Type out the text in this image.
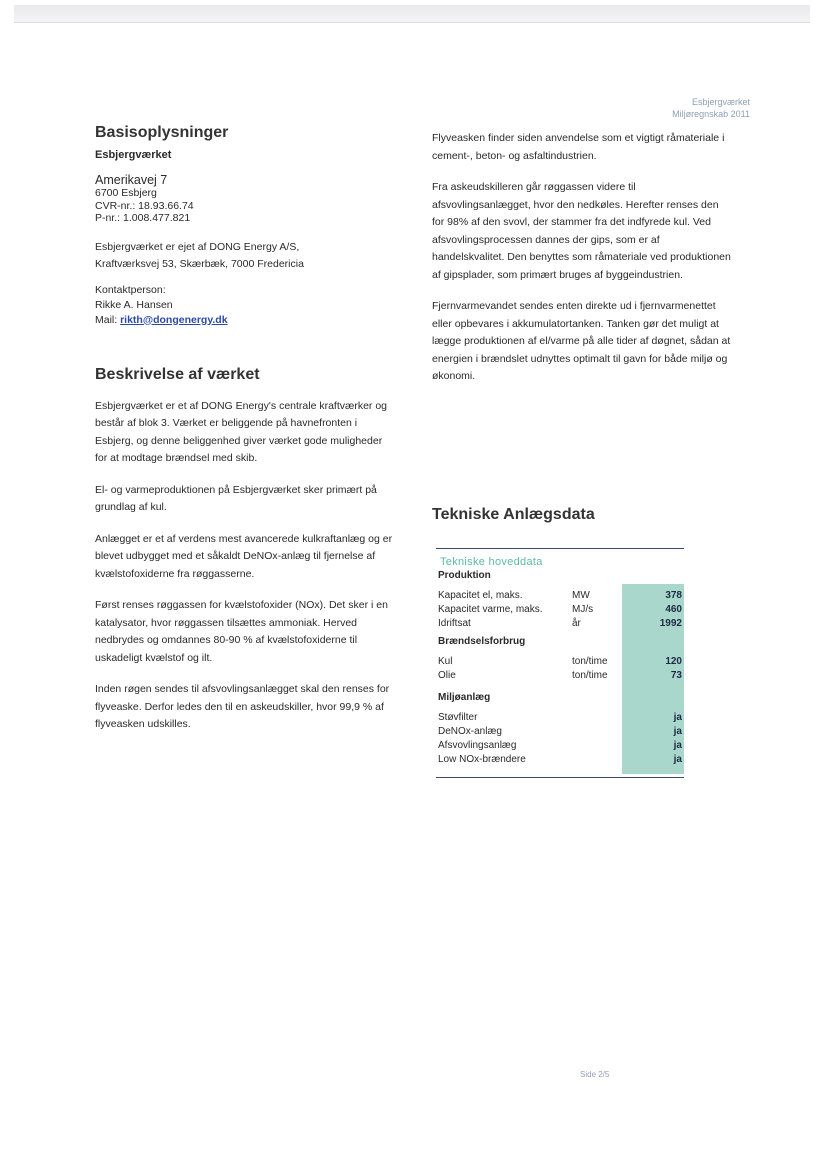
Esbjergværket
Miljøregnskab 2011
Basisoplysninger

Esbjergværket

Amerikavej 7

6700 Esbjerg

CVR-nr.: 18.93.66.74

P-nr.: 1.008.477.821

Esbjergværket er ejet af DONG Energy A/S,

Kraftværksvej 53, Skærbæk, 7000 Fredericia

Kontaktperson:

Rikke A. Hansen

Mail: rikth@dongenergy.dk

Beskrivelse af værket

Esbjergværket er et af DONG Energy's centrale kraftværker og består af blok 3. Værket er beliggende på havnefronten i Esbjerg, og denne beliggenhed giver værket gode muligheder for at modtage brændsel med skib.

El- og varmeproduktionen på Esbjergværket sker primært på grundlag af kul.

Anlægget er et af verdens mest avancerede kulkraftanlæg og er blevet udbygget med et såkaldt DeNOx-anlæg til fjernelse af kvælstofoxiderne fra røggasserne.

Først renses røggassen for kvælstofoxider (NOx). Det sker i en katalysator, hvor røggassen tilsættes ammoniak. Herved nedbrydes og omdannes 80-90 % af kvælstofoxiderne til uskadeligt kvælstof og ilt.

Inden røgen sendes til afsvovlingsanlægget skal den renses for flyveaske. Derfor ledes den til en askeudskiller, hvor 99,9 % af flyveasken udskilles.

Flyveasken finder siden anvendelse som et vigtigt råmateriale i cement-, beton- og asfaltindustrien.

Fra askeudskilleren går røggassen videre til afsvovlingsanlægget, hvor den nedkøles. Herefter renses den for 98% af den svovl, der stammer fra det indfyrede kul. Ved afsvovlingsprocessen dannes der gips, som er af handelskvalitet. Den benyttes som råmateriale ved produktionen af gipsplader, som primært bruges af byggeindustrien.

Fjernvarmevandet sendes enten direkte ud i fjernvarmenettet eller opbevares i akkumulatortanken. Tanken gør det muligt at lægge produktionen af el/varme på alle tider af døgnet, sådan at energien i brændslet udnyttes optimalt til gavn for både miljø og økonomi.

Tekniske Anlægsdata
Tekniske hoveddata
Produktion
Kapacitet el, maks.	MW	378
Kapacitet varme, maks.	MJ/s	460
Idriftsat	år	1992
Brændselsforbrug
Kul	ton/time	120
Olie	ton/time	73
Miljøanlæg
Støvfilter	ja
DeNOx-anlæg	ja
Afsvovlingsanlæg	ja
Low NOx-brændere	ja
Side 2/5
